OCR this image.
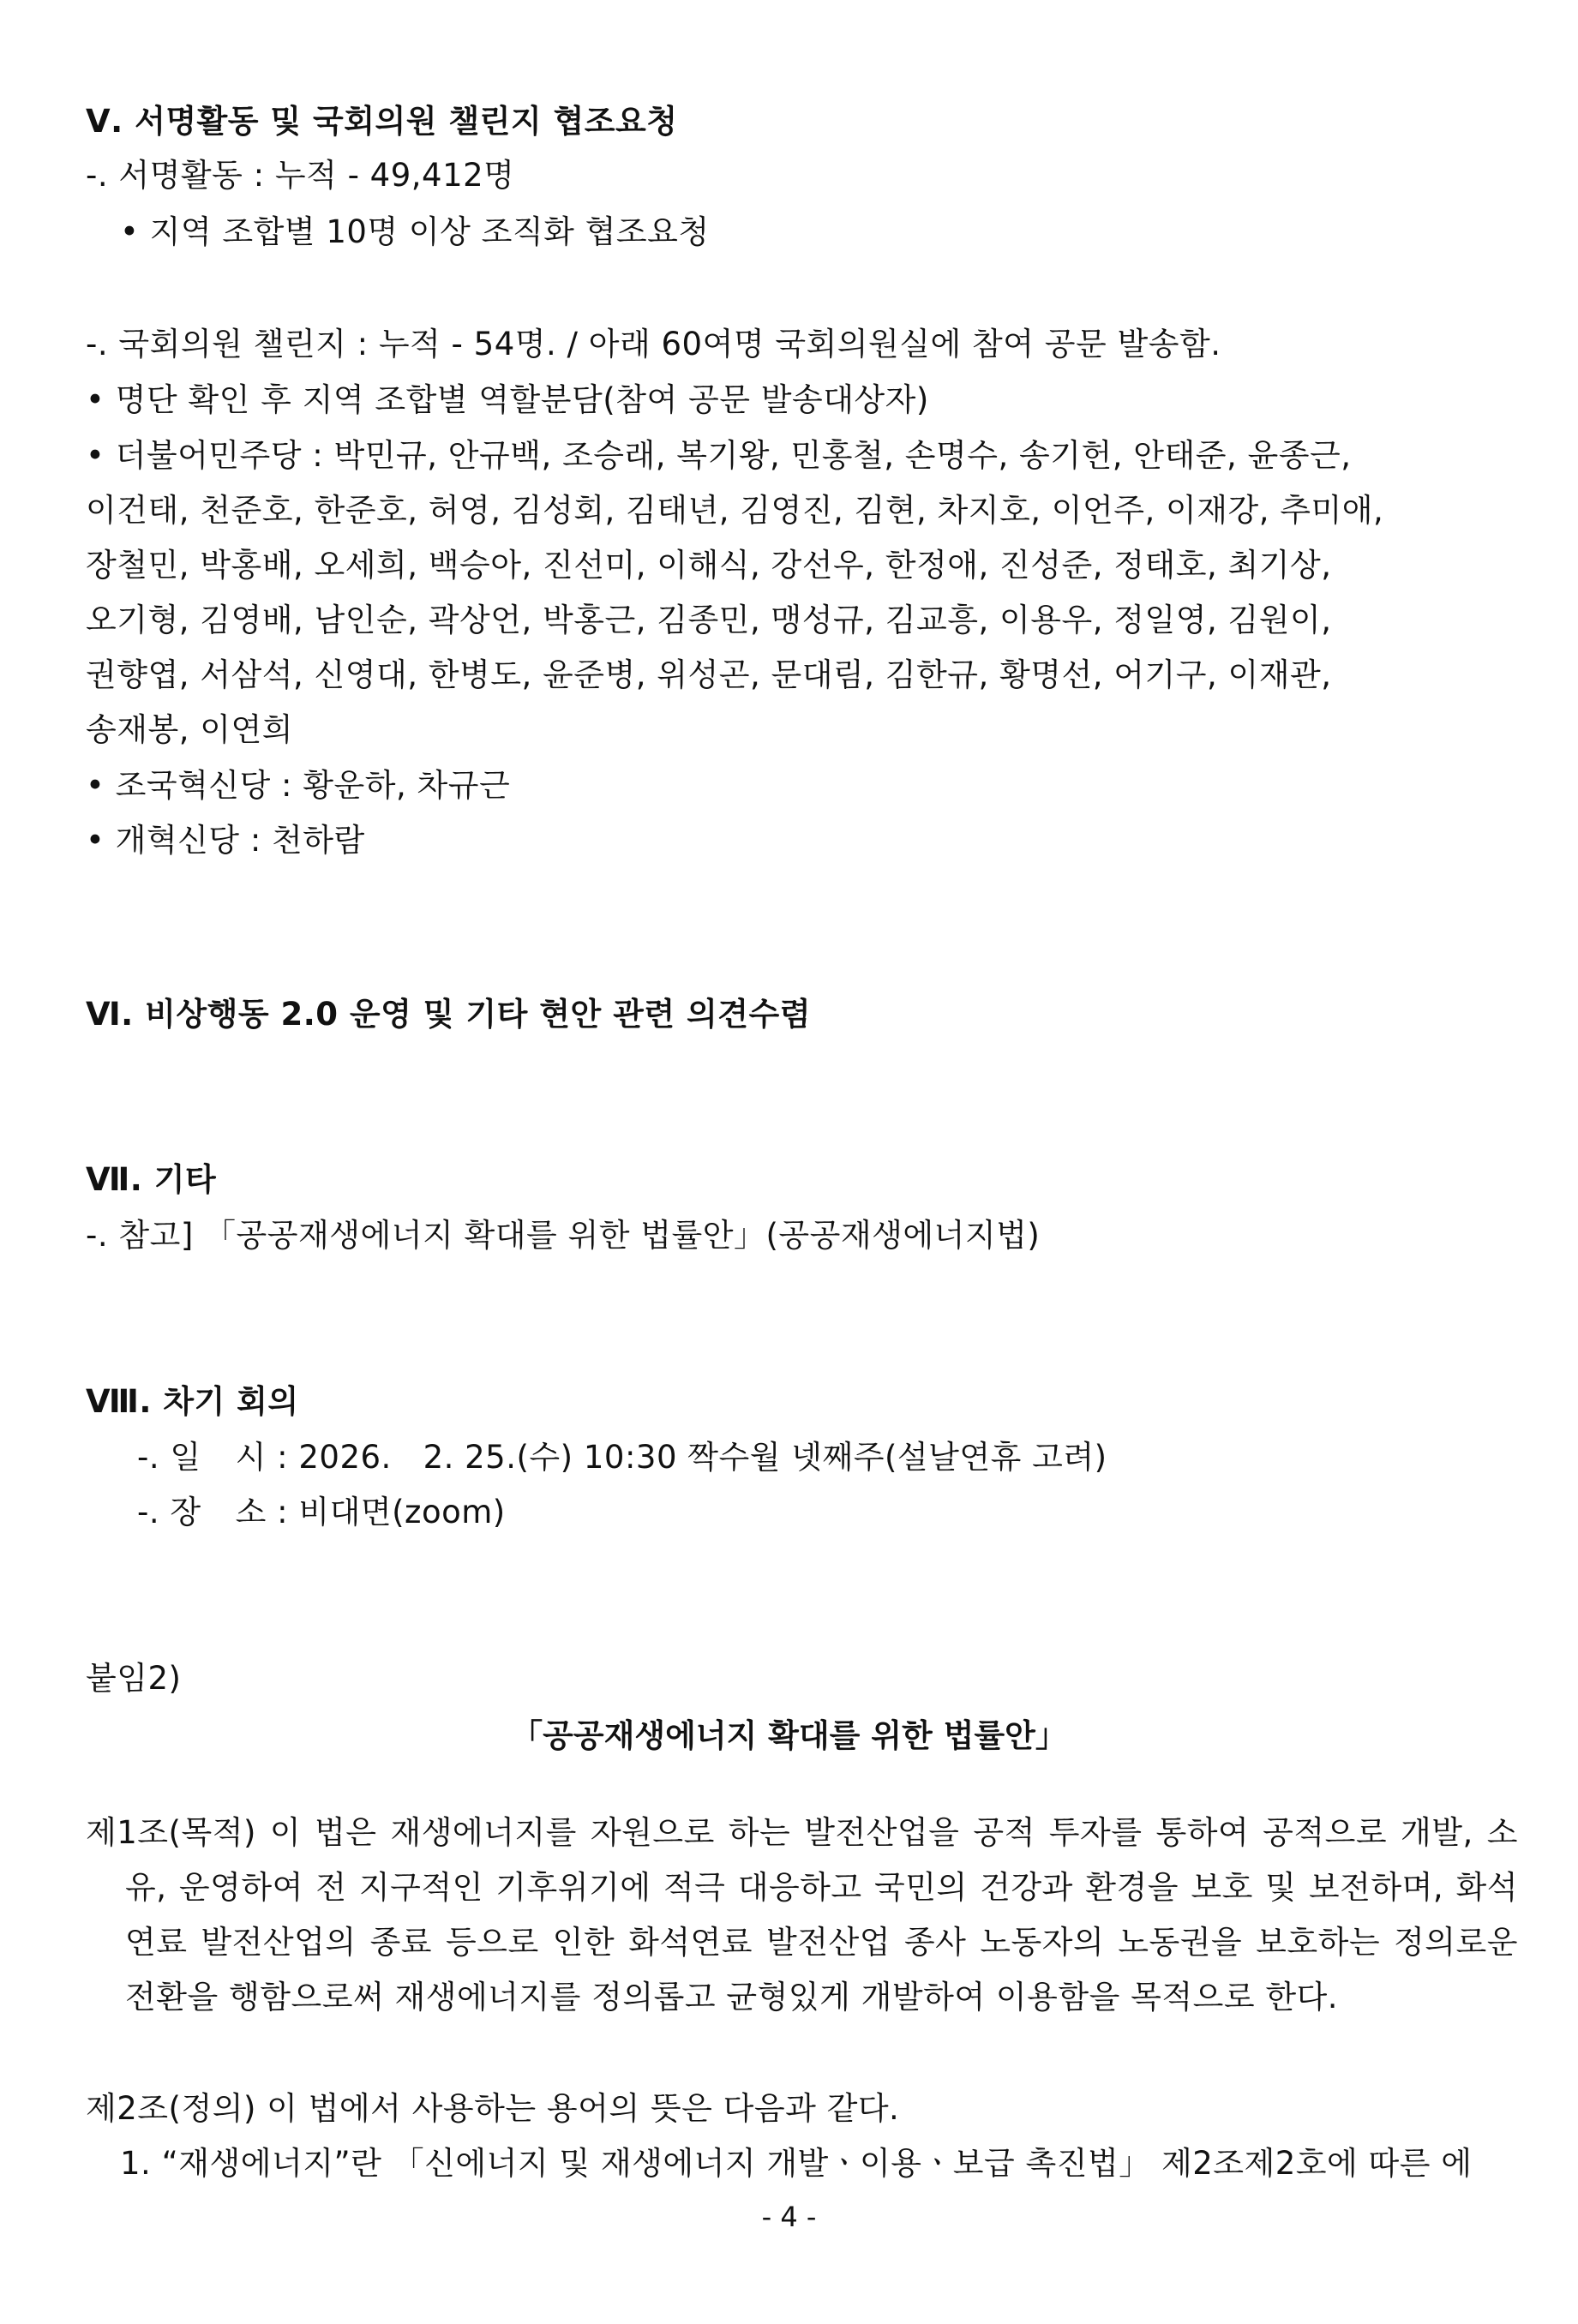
Ⅴ. 서명활동 및 국회의원 챌린지 협조요청
-. 서명활동 : 누적 - 49,412명
• 지역 조합별 10명 이상 조직화 협조요청
-. 국회의원 챌린지 : 누적 - 54명. / 아래 60여명 국회의원실에 참여 공문 발송함.
• 명단 확인 후 지역 조합별 역할분담(참여 공문 발송대상자)
• 더불어민주당 : 박민규, 안규백, 조승래, 복기왕, 민홍철, 손명수, 송기헌, 안태준, 윤종근,
이건태, 천준호, 한준호, 허영, 김성회, 김태년, 김영진, 김현, 차지호, 이언주, 이재강, 추미애,
장철민, 박홍배, 오세희, 백승아, 진선미, 이해식, 강선우, 한정애, 진성준, 정태호, 최기상,
오기형, 김영배, 남인순, 곽상언, 박홍근, 김종민, 맹성규, 김교흥, 이용우, 정일영, 김원이,
권향엽, 서삼석, 신영대, 한병도, 윤준병, 위성곤, 문대림, 김한규, 황명선, 어기구, 이재관,
송재봉, 이연희
• 조국혁신당 : 황운하, 차규근
• 개혁신당 : 천하람
Ⅵ. 비상행동 2.0 운영 및 기타 현안 관련 의견수렴
Ⅶ. 기타
-. 참고] 「공공재생에너지 확대를 위한 법률안」(공공재생에너지법)
Ⅷ. 차기 회의
-. 일 시 : 2026.   2. 25.(수) 10:30 짝수월 넷째주(설날연휴 고려)
-. 장 소 : 비대면(zoom)
붙임2)
「공공재생에너지 확대를 위한 법률안」
제1조(목적) 이 법은 재생에너지를 자원으로 하는 발전산업을 공적 투자를 통하여 공적으로 개발, 소유, 운영하여 전 지구적인 기후위기에 적극 대응하고 국민의 건강과 환경을 보호 및 보전하며, 화석연료 발전산업의 종료 등으로 인한 화석연료 발전산업 종사 노동자의 노동권을 보호하는 정의로운 전환을 행함으로써 재생에너지를 정의롭고 균형있게 개발하여 이용함을 목적으로 한다.
제2조(정의) 이 법에서 사용하는 용어의 뜻은 다음과 같다.
1. “재생에너지”란 「신에너지 및 재생에너지 개발ㆍ이용ㆍ보급 촉진법」 제2조제2호에 따른 에
- 4 -
